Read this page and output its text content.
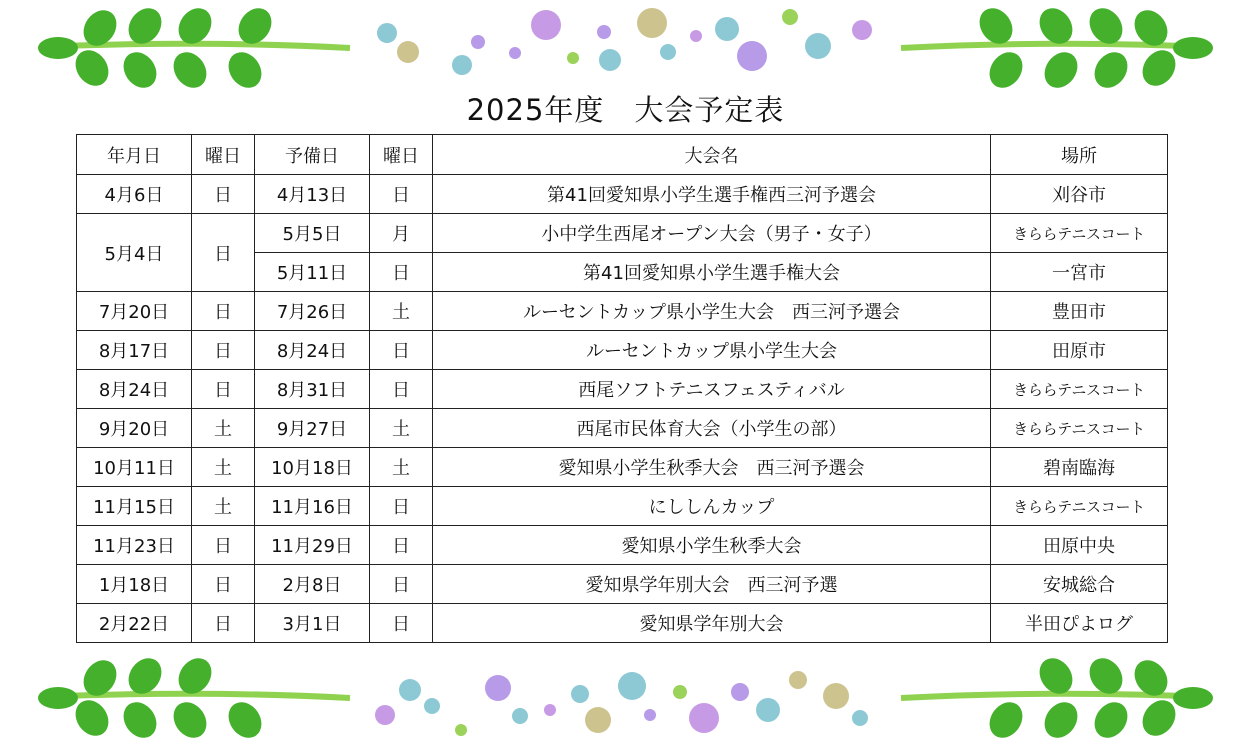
2025年度　大会予定表
年月日	曜日	予備日	曜日	大会名	場所
4月6日	日	4月13日	日	第41回愛知県小学生選手権西三河予選会	刈谷市
5月4日	日	5月5日	月	小中学生西尾オープン大会（男子・女子）	きららテニスコート
		5月11日	日	第41回愛知県小学生選手権大会	一宮市
7月20日	日	7月26日	土	ルーセントカップ県小学生大会　西三河予選会	豊田市
8月17日	日	8月24日	日	ルーセントカップ県小学生大会	田原市
8月24日	日	8月31日	日	西尾ソフトテニスフェスティバル	きららテニスコート
9月20日	土	9月27日	土	西尾市民体育大会（小学生の部）	きららテニスコート
10月11日	土	10月18日	土	愛知県小学生秋季大会　西三河予選会	碧南臨海
11月15日	土	11月16日	日	にししんカップ	きららテニスコート
11月23日	日	11月29日	日	愛知県小学生秋季大会	田原中央
1月18日	日	2月8日	日	愛知県学年別大会　西三河予選	安城総合
2月22日	日	3月1日	日	愛知県学年別大会	半田ぴよログ
